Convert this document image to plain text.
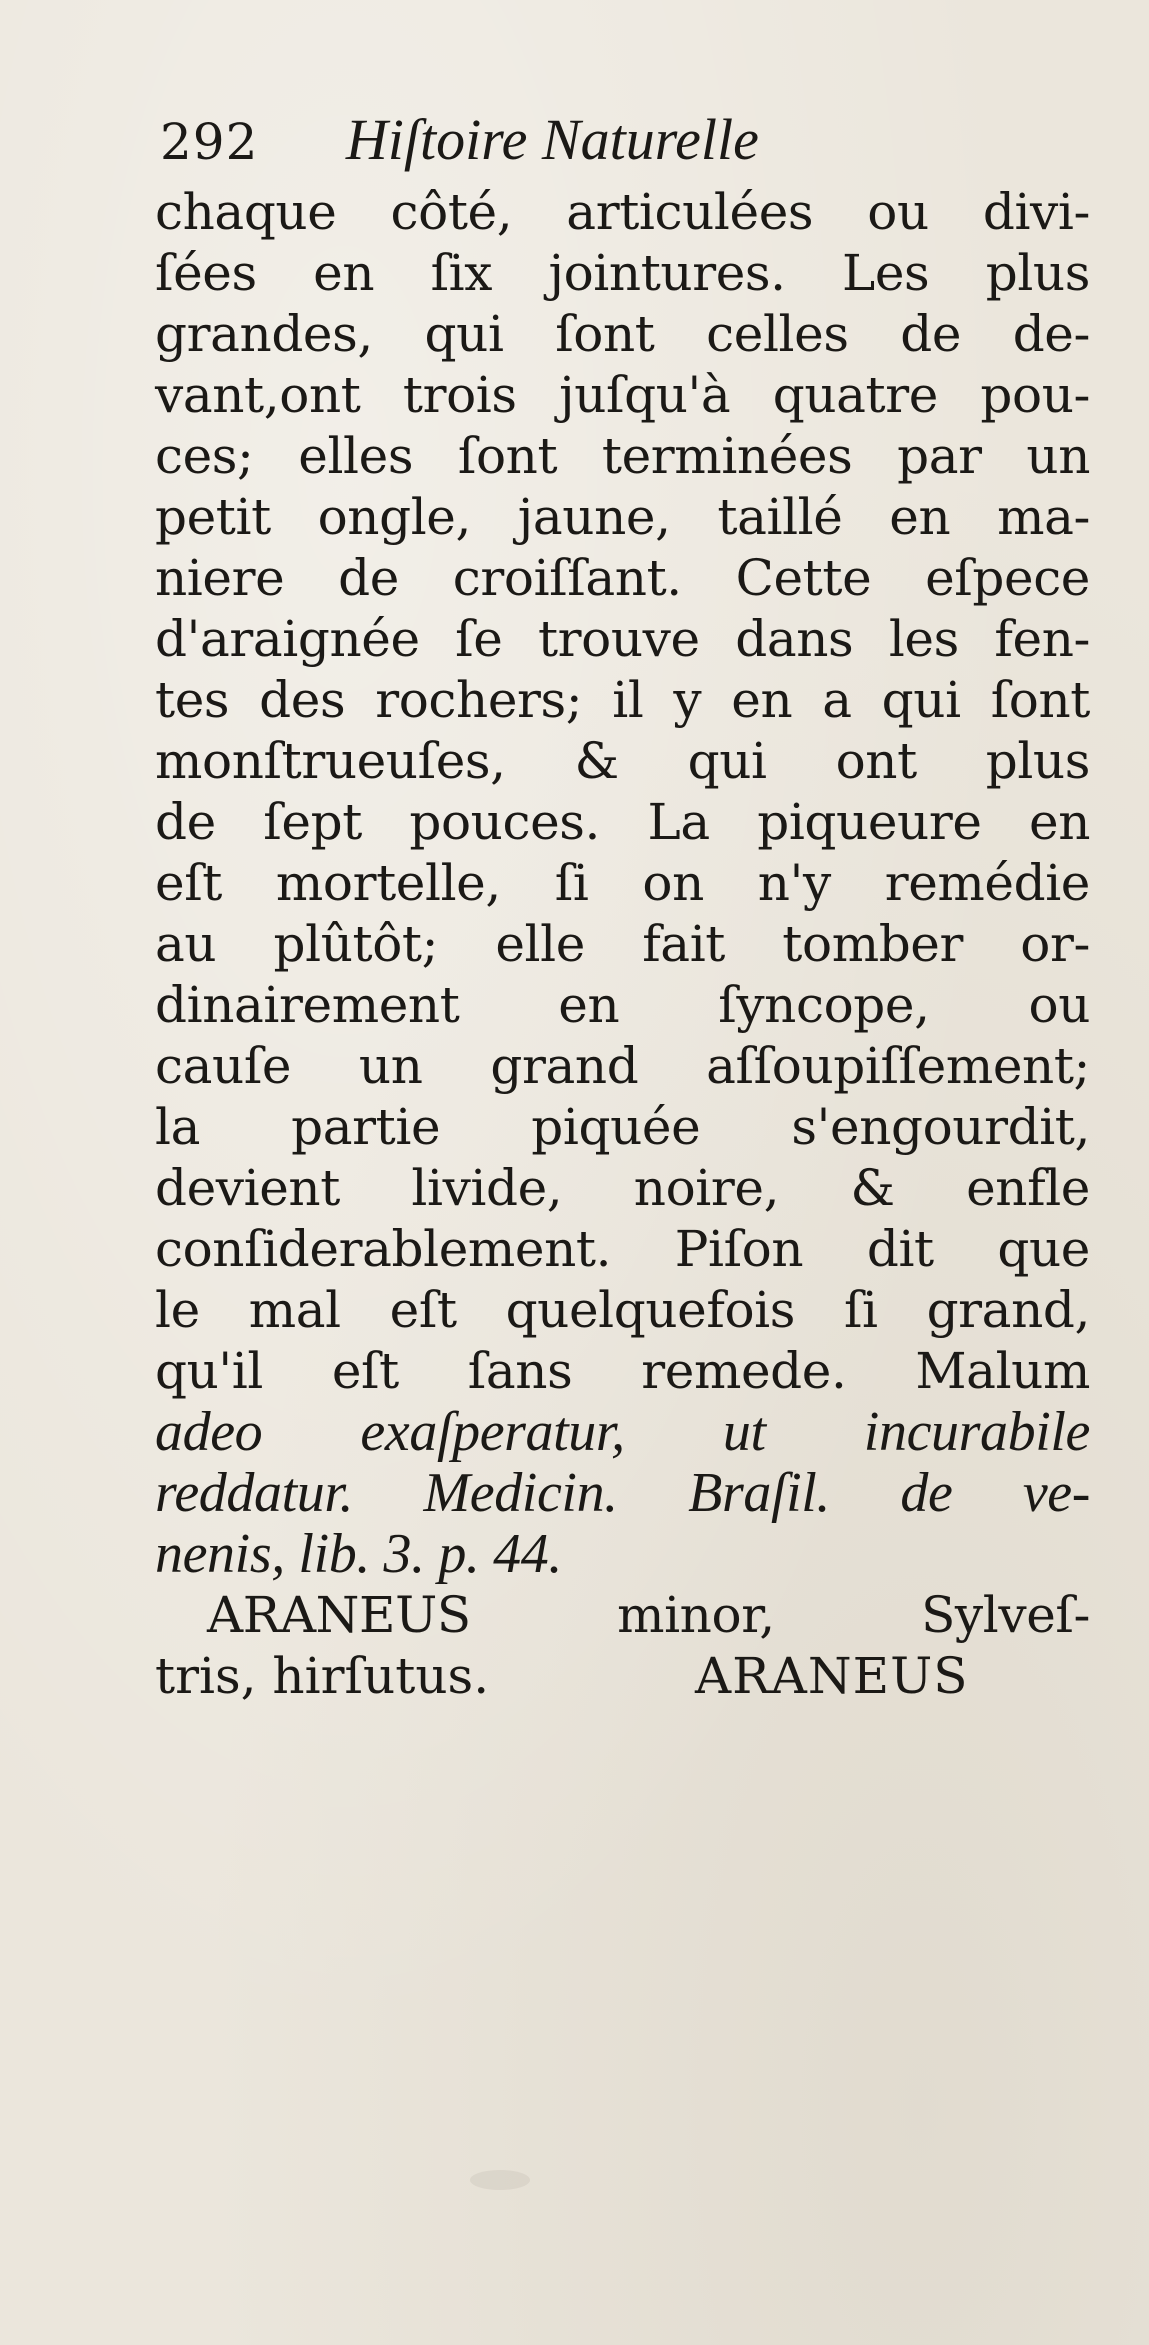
292 Hiſtoire Naturelle
chaque côté, articulées ou divi-
ſées en ſix jointures. Les plus
grandes, qui ſont celles de de-
vant,ont trois juſqu'à quatre pou-
ces; elles ſont terminées par un
petit ongle, jaune, taillé en ma-
niere de croiſſant. Cette eſpece
d'araignée ſe trouve dans les fen-
tes des rochers; il y en a qui ſont
monſtrueuſes, & qui ont plus
de ſept pouces. La piqueure en
eſt mortelle, ſi on n'y remédie
au plûtôt; elle fait tomber or-
dinairement en ſyncope, ou
cauſe un grand aſſoupiſſement;
la partie piquée s'engourdit,
devient livide, noire, & enfle
conſiderablement. Piſon dit que
le mal eſt quelquefois ſi grand,
qu'il eſt ſans remede. Malum
adeo exaſperatur, ut incurabile
reddatur. Medicin. Braſil. de ve-
nenis, lib. 3. p. 44.
ARANEUS minor, Sylveſ-
tris, hirſutus.	ARANEUS
